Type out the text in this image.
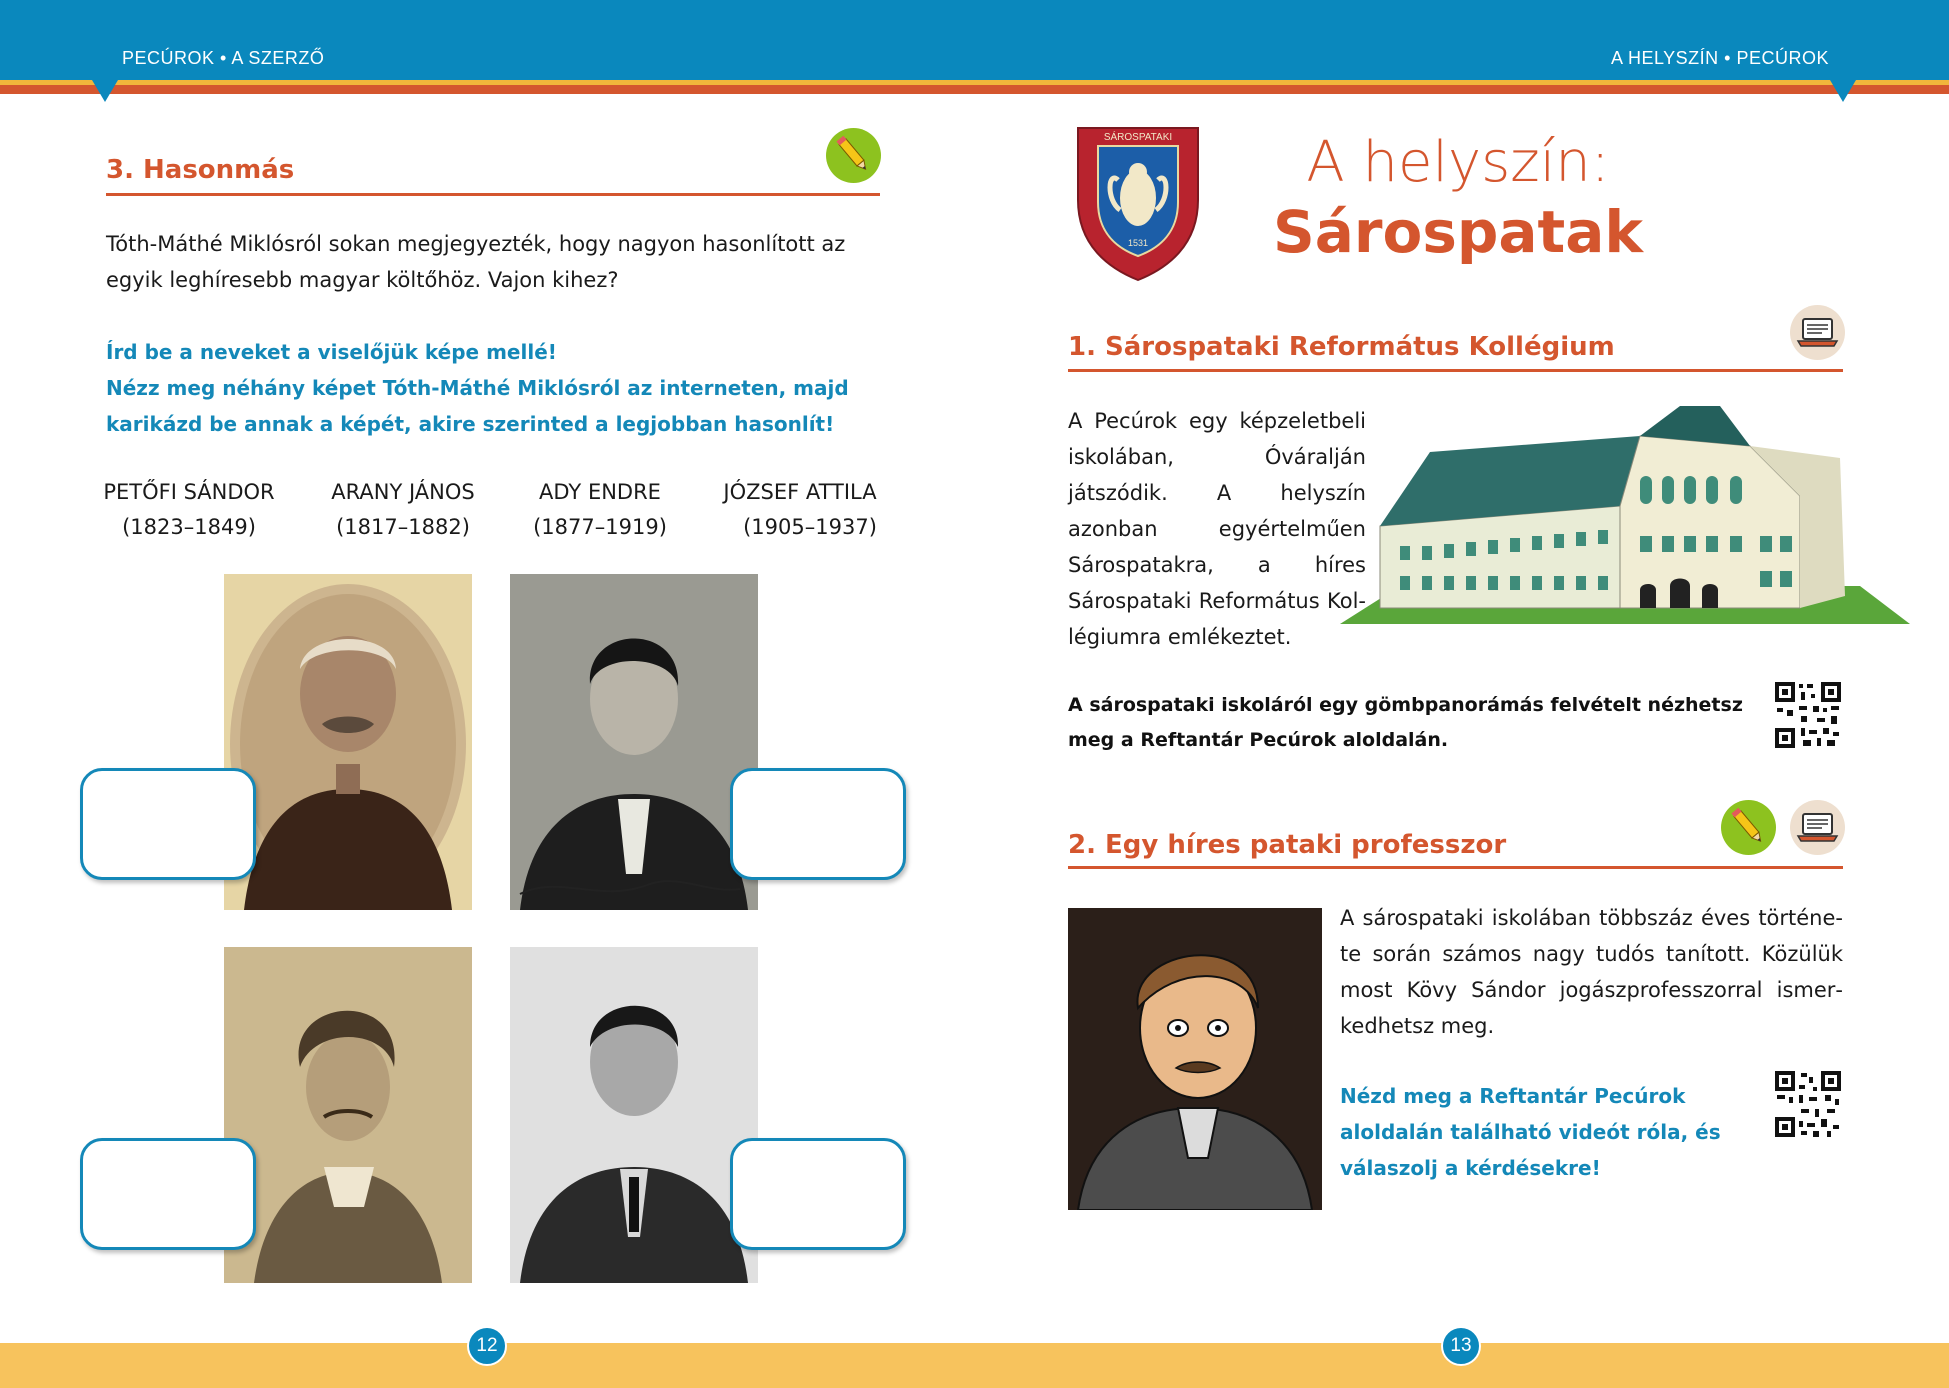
PECÚROK • A SZERZŐ	A HELYSZÍN • PECÚROK
3. Hasonmás
Tóth-Máthé Miklósról sokan megjegyezték, hogy nagyon hasonlított az egyik leghíresebb magyar költőhöz. Vajon kihez?
Írd be a neveket a viselőjük képe mellé!
Nézz meg néhány képet Tóth-Máthé Miklósról az interneten, majd karikázd be annak a képét, akire szerinted a legjobban hasonlít!
PETŐFI SÁNDOR
(1823–1849)
ARANY JÁNOS
(1817–1882)
ADY ENDRE
(1877–1919)
JÓZSEF ATTILA
(1905–1937)
1531
SÁROSPATAKI	A helyszín:
Sárospatak
1. Sárospataki Református Kollégium
A Pecúrok egy képzeletbeli iskolában, Óváralján játszódik. A helyszín azonban egyértelműen Sárospatakra, a híres Sárospataki Református Kollégiumra emlékeztet.
A sárospataki iskoláról egy gömbpanorámás felvételt nézhetsz meg a Reftantár Pecúrok aloldalán.
2. Egy híres pataki professzor
A sárospataki iskolában többszáz éves története során számos nagy tudós tanított. Közülük most Kövy Sándor jogászprofesszorral ismerkedhetsz meg.
Nézd meg a Reftantár Pecúrok aloldalán található videót róla, és válaszolj a kérdésekre!
12	13
